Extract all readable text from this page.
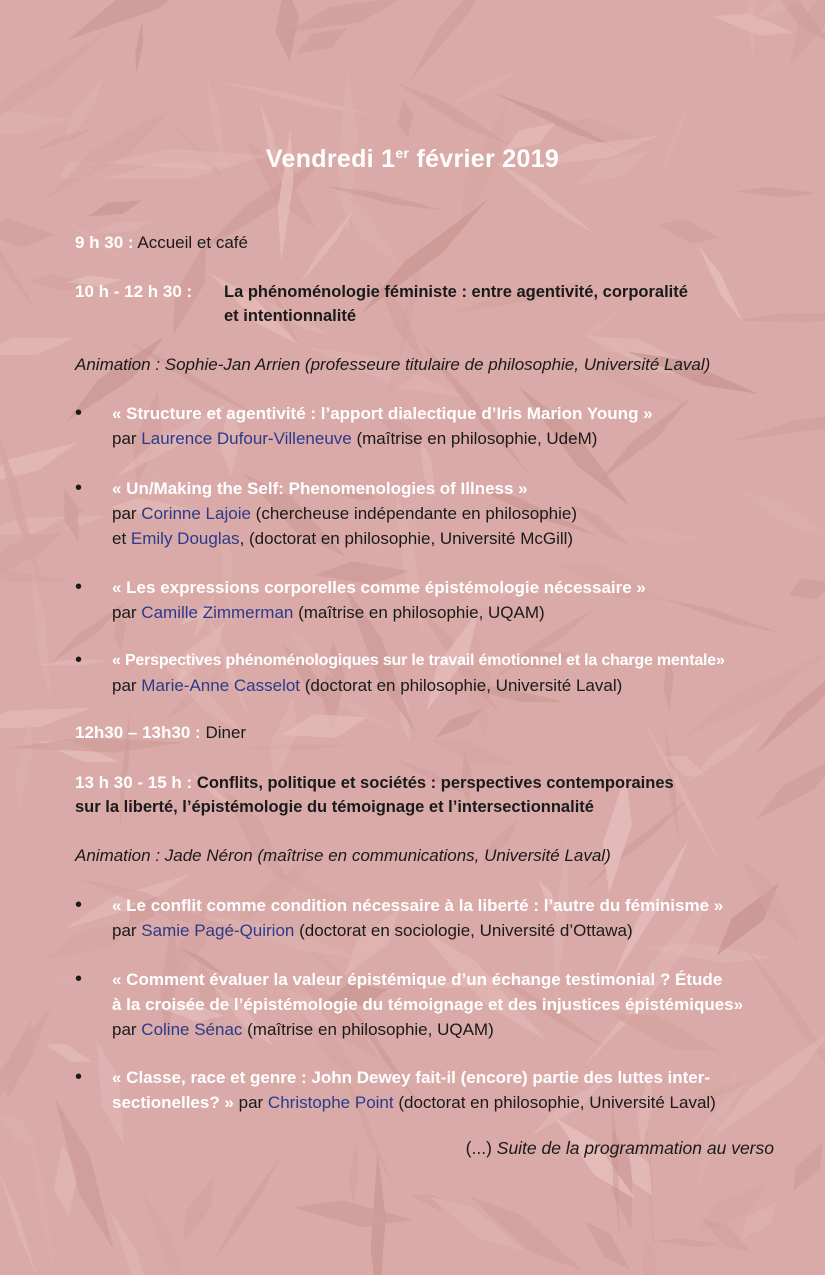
Vendredi 1er février 2019
9 h 30 : Accueil et café
10 h - 12 h 30 : La phénoménologie féministe : entre agentivité, corporalité
et intentionnalité
Animation : Sophie-Jan Arrien (professeure titulaire de philosophie, Université Laval)
• « Structure et agentivité : l’apport dialectique d’Iris Marion Young »
par Laurence Dufour-Villeneuve (maîtrise en philosophie, UdeM)
• « Un/Making the Self: Phenomenologies of Illness »
par Corinne Lajoie (chercheuse indépendante en philosophie)
et Emily Douglas, (doctorat en philosophie, Université McGill)
• « Les expressions corporelles comme épistémologie nécessaire »
par Camille Zimmerman (maîtrise en philosophie, UQAM)
• « Perspectives phénoménologiques sur le travail émotionnel et la charge mentale»
par Marie-Anne Casselot (doctorat en philosophie, Université Laval)
12h30 – 13h30 : Diner
13 h 30 - 15 h : Conflits, politique et sociétés : perspectives contemporaines
sur la liberté, l’épistémologie du témoignage et l’intersectionnalité
Animation : Jade Néron (maîtrise en communications, Université Laval)
• « Le conflit comme condition nécessaire à la liberté : l’autre du féminisme »
par Samie Pagé-Quirion (doctorat en sociologie, Université d’Ottawa)
• « Comment évaluer la valeur épistémique d’un échange testimonial ? Étude
à la croisée de l’épistémologie du témoignage et des injustices épistémiques»
par Coline Sénac (maîtrise en philosophie, UQAM)
• « Classe, race et genre : John Dewey fait-il (encore) partie des luttes inter-
sectionelles? » par Christophe Point (doctorat en philosophie, Université Laval)
(...) Suite de la programmation au verso
